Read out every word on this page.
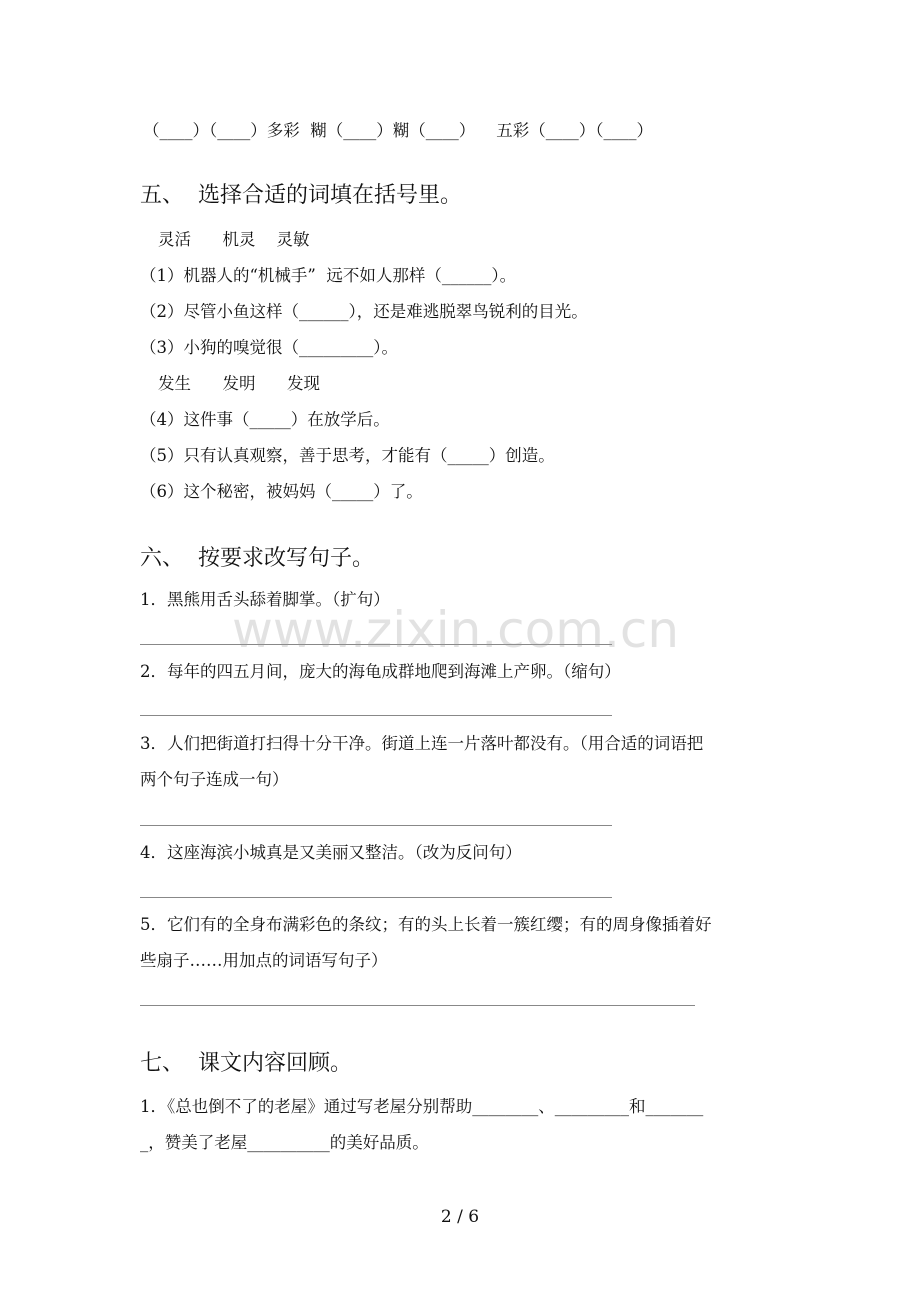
（____）（____）多彩  糊（____）糊（____）    五彩（____）（____）
五、  选择合适的词填在括号里。
灵活      机灵    灵敏
（1）机器人的“机械手”  远不如人那样（______）。
（2）尽管小鱼这样（______），还是难逃脱翠鸟锐利的目光。
（3）小狗的嗅觉很（_________）。
发生      发明      发现
（4）这件事（_____）在放学后。
（5）只有认真观察，善于思考，才能有（_____）创造。
（6）这个秘密，被妈妈（_____）了。
六、  按要求改写句子。
1．黑熊用舌头舔着脚掌。（扩句）
2．每年的四五月间，庞大的海龟成群地爬到海滩上产卵。（缩句）
3．人们把街道打扫得十分干净。街道上连一片落叶都没有。（用合适的词语把
两个句子连成一句）
4．这座海滨小城真是又美丽又整洁。（改为反问句）
5．它们有的全身布满彩色的条纹；有的头上长着一簇红缨；有的周身像插着好
些扇子……用加点的词语写句子）
七、  课文内容回顾。
1．《总也倒不了的老屋》通过写老屋分别帮助________、_________和_______
_，赞美了老屋__________的美好品质。
www.zixin.com.cn
2 / 6
